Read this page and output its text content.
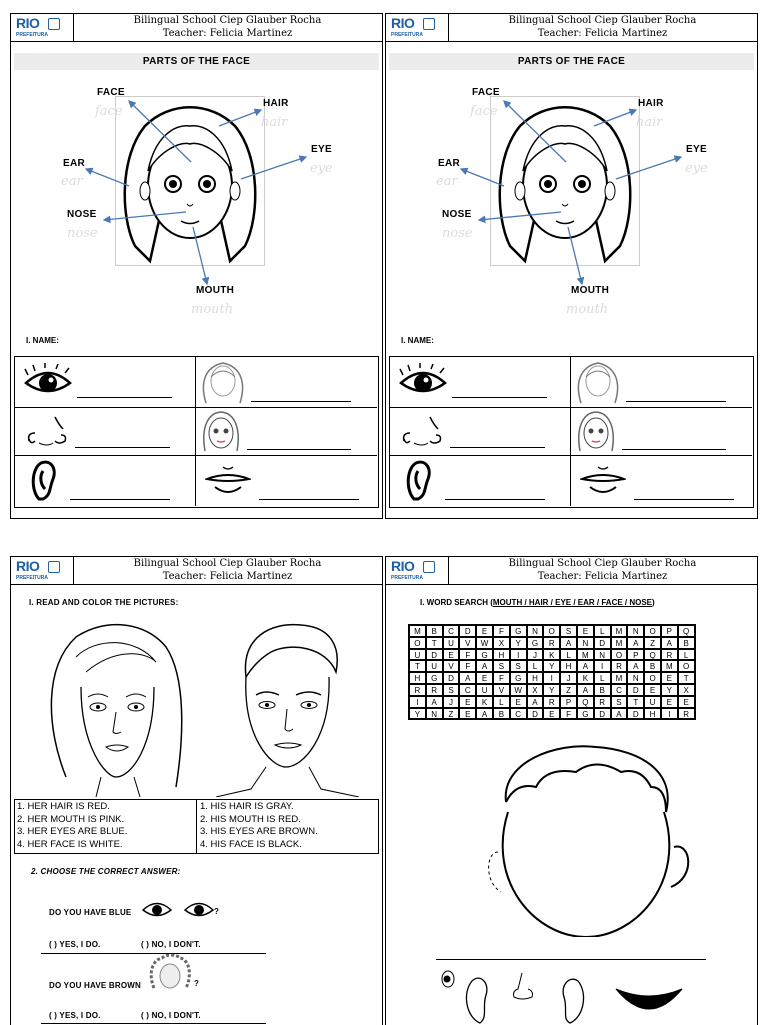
RIO
PREFEITURA
Bilingual School Ciep Glauber Rocha
Teacher: Felicia Martinez
PARTS OF THE FACE
FACE
face
HAIR
hair
EYE
eye
EAR
ear
NOSE
nose
MOUTH
mouth
I. NAME:
RIO
PREFEITURA
Bilingual School Ciep Glauber Rocha
Teacher: Felicia Martinez
PARTS OF THE FACE
FACE
face
HAIR
hair
EYE
eye
EAR
ear
NOSE
nose
MOUTH
mouth
I. NAME:
RIO
PREFEITURA
Bilingual School Ciep Glauber Rocha
Teacher: Felicia Martinez
I. READ AND COLOR THE PICTURES:
1. HER HAIR IS RED.
2. HER MOUTH IS PINK.
3. HER EYES ARE BLUE.
4. HER FACE IS WHITE.
1. HIS HAIR IS GRAY.
2. HIS MOUTH IS RED.
3. HIS EYES ARE BROWN.
4. HIS FACE IS BLACK.
2. CHOOSE THE CORRECT ANSWER:
DO YOU HAVE BLUE	?
( ) YES, I DO.	( ) NO, I DON'T.
DO YOU HAVE BROWN	?
( ) YES, I DO.	( ) NO, I DON'T.
RIO
PREFEITURA
Bilingual School Ciep Glauber Rocha
Teacher: Felicia Martinez
I. WORD SEARCH (MOUTH / HAIR / EYE / EAR / FACE / NOSE)
M	B	C	D	E	F	G	N	O	S	E	L	M	N	O	P	Q
O	T	U	V	W	X	Y	G	R	A	N	D	M	A	Z	A	B
U	D	E	F	G	H	I	J	K	L	M	N	O	P	Q	R	L
T	U	V	F	A	S	S	L	Y	H	A	I	R	A	B	M	O
H	G	D	A	E	F	G	H	I	J	K	L	M	N	O	E	T
R	R	S	C	U	V	W	X	Y	Z	A	B	C	D	E	Y	X
I	A	J	E	K	L	E	A	R	P	Q	R	S	T	U	E	E
Y	N	Z	E	A	B	C	D	E	F	G	D	A	D	H	I	R
